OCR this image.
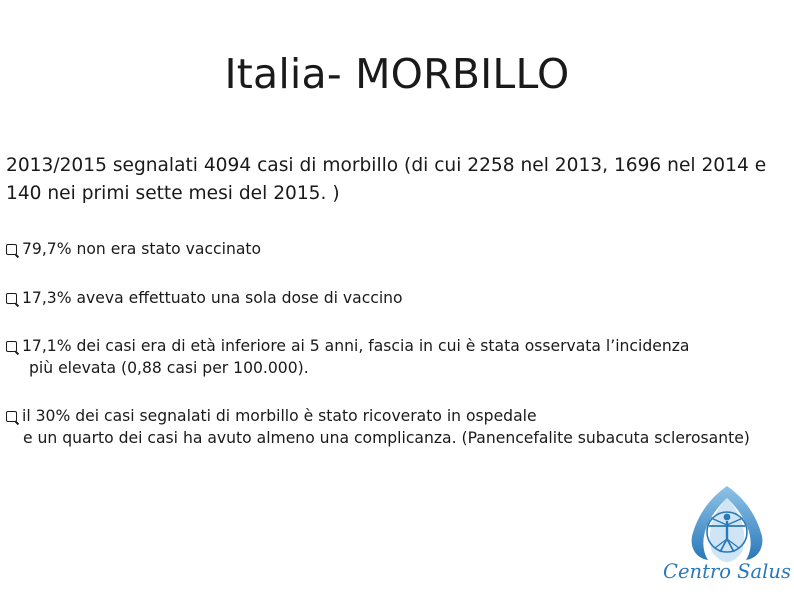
Italia- MORBILLO
2013/2015 segnalati 4094 casi di morbillo (di cui 2258 nel 2013, 1696 nel 2014 e 140 nei primi sette mesi del 2015. )
79,7% non era stato vaccinato
17,3% aveva effettuato una sola dose di vaccino
17,1% dei casi era di età inferiore ai 5 anni, fascia in cui è stata osservata l’incidenza
più elevata (0,88 casi per 100.000).
il 30% dei casi segnalati di morbillo è stato ricoverato in ospedale
e un quarto dei casi ha avuto almeno una complicanza. (Panencefalite subacuta sclerosante)
Centro Salus
